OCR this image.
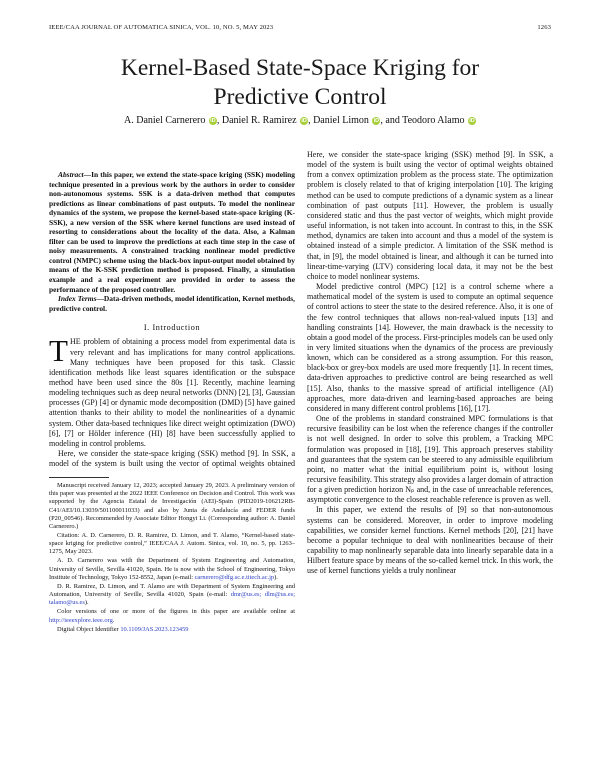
IEEE/CAA JOURNAL OF AUTOMATICA SINICA, VOL. 10, NO. 5, MAY 2023	1263
Kernel-Based State-Space Kriging for
Predictive Control
A. Daniel Carnerero iD, Daniel R. Ramirez iD, Daniel Limon iD, and Teodoro Alamo iD

Abstract—In this paper, we extend the state-space kriging (SSK) modeling technique presented in a previous work by the authors in order to consider non-autonomous systems. SSK is a data-driven method that computes predictions as linear combinations of past outputs. To model the nonlinear dynamics of the system, we propose the kernel-based state-space kriging (K-SSK), a new version of the SSK where kernel functions are used instead of resorting to considerations about the locality of the data. Also, a Kalman filter can be used to improve the predictions at each time step in the case of noisy measurements. A constrained tracking nonlinear model predictive control (NMPC) scheme using the black-box input-output model obtained by means of the K-SSK prediction method is proposed. Finally, a simulation example and a real experiment are provided in order to assess the performance of the proposed controller.

Index Terms—Data-driven methods, model identification, Kernel methods, predictive control.

I. Introduction

THE problem of obtaining a process model from experimental data is very relevant and has implications for many control applications. Many techniques have been proposed for this task. Classic identification methods like least squares identification or the subspace method have been used since the 80s [1]. Recently, machine learning modeling techniques such as deep neural networks (DNN) [2], [3], Gaussian processes (GP) [4] or dynamic mode decomposition (DMD) [5] have gained attention thanks to their ability to model the nonlinearities of a dynamic system. Other data-based techniques like direct weight optimization (DWO) [6], [7] or Hölder inference (HI) [8] have been successfully applied to modeling in control problems.

Here, we consider the state-space kriging (SSK) method [9]. In SSK, a model of the system is built using the vector of optimal weights obtained

Manuscript received January 12, 2023; accepted January 29, 2023. A preliminary version of this paper was presented at the 2022 IEEE Conference on Decision and Control. This work was supported by the Agencia Estatal de Investigación (AEI)-Spain (PID2019-106212RB-C41/AEI/10.13039/501100011033) and also by Junta de Andalucía and FEDER funds (P20_00546). Recommended by Associate Editor Hongyi Li. (Corresponding author: A. Daniel Carnerero.)

Citation: A. D. Carnerero, D. R. Ramirez, D. Limon, and T. Alamo, “Kernel-based state-space kriging for predictive control,” IEEE/CAA J. Autom. Sinica, vol. 10, no. 5, pp. 1263–1275, May 2023.

A. D. Carnerero was with the Department of System Engineering and Automation, University of Seville, Sevilla 41020, Spain. He is now with the School of Engineering, Tokyo Institute of Technology, Tokyo 152-8552, Japan (e-mail: carnerero@dfg.sc.e.titech.ac.jp).

D. R. Ramirez, D. Limon, and T. Alamo are with Department of System Engineering and Automation, University of Seville, Sevilla 41020, Spain (e-mail: dmr@us.es; dlm@us.es; talamo@us.es).

Color versions of one or more of the figures in this paper are available online at http://ieeexplore.ieee.org.

Digital Object Identifier 10.1109/JAS.2023.123459

Here, we consider the state-space kriging (SSK) method [9]. In SSK, a model of the system is built using the vector of optimal weights obtained from a convex optimization problem as the process state. The optimization problem is closely related to that of kriging interpolation [10]. The kriging method can be used to compute predictions of a dynamic system as a linear combination of past outputs [11]. However, the problem is usually considered static and thus the past vector of weights, which might provide useful information, is not taken into account. In contrast to this, in the SSK method, dynamics are taken into account and thus a model of the system is obtained instead of a simple predictor. A limitation of the SSK method is that, in [9], the model obtained is linear, and although it can be turned into linear-time-varying (LTV) considering local data, it may not be the best choice to model nonlinear systems.

Model predictive control (MPC) [12] is a control scheme where a mathematical model of the system is used to compute an optimal sequence of control actions to steer the state to the desired reference. Also, it is one of the few control techniques that allows non-real-valued inputs [13] and handling constraints [14]. However, the main drawback is the necessity to obtain a good model of the process. First-principles models can be used only in very limited situations when the dynamics of the process are previously known, which can be considered as a strong assumption. For this reason, black-box or grey-box models are used more frequently [1]. In recent times, data-driven approaches to predictive control are being researched as well [15]. Also, thanks to the massive spread of artificial intelligence (AI) approaches, more data-driven and learning-based approaches are being considered in many different control problems [16], [17].

One of the problems in standard constrained MPC formulations is that recursive feasibility can be lost when the reference changes if the controller is not well designed. In order to solve this problem, a Tracking MPC formulation was proposed in [18], [19]. This approach preserves stability and guarantees that the system can be steered to any admissible equilibrium point, no matter what the initial equilibrium point is, without losing recursive feasibility. This strategy also provides a larger domain of attraction for a given prediction horizon Nₚ and, in the case of unreachable references, asymptotic convergence to the closest reachable reference is proven as well.

In this paper, we extend the results of [9] so that non-autonomous systems can be considered. Moreover, in order to improve modeling capabilities, we consider kernel functions. Kernel methods [20], [21] have become a popular technique to deal with nonlinearities because of their capability to map nonlinearly separable data into linearly separable data in a Hilbert feature space by means of the so-called kernel trick. In this work, the use of kernel functions yields a truly nonlinear
